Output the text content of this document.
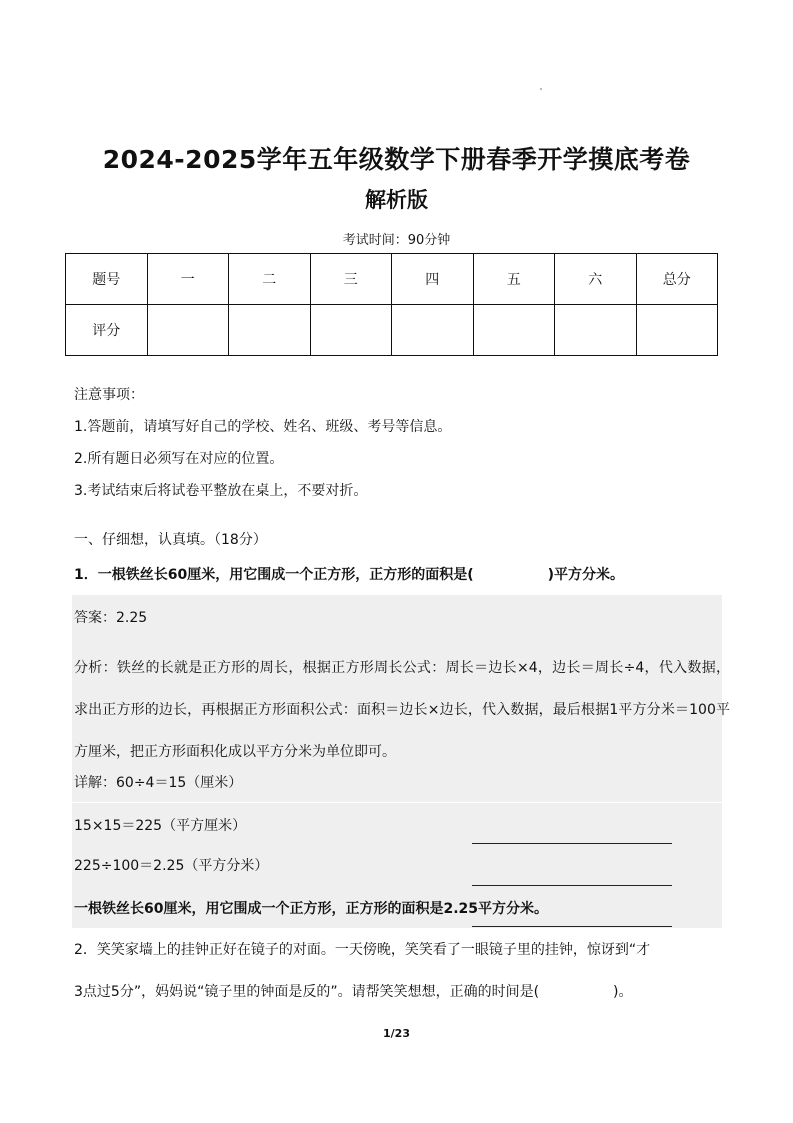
2024-2025学年五年级数学下册春季开学摸底考卷
解析版
考试时间：90分钟
题号	一	二	三	四	五	六	总分
评分							
注意事项：
1.答题前，请填写好自己的学校、姓名、班级、考号等信息。
2.所有题日必须写在对应的位置。
3.考试结束后将试卷平整放在桌上，不要对折。
一、仔细想，认真填。（18分）
1．一根铁丝长60厘米，用它围成一个正方形，正方形的面积是(	)平方分米。
答案：2.25
分析：铁丝的长就是正方形的周长，根据正方形周长公式：周长＝边长×4，边长＝周长÷4，代入数据，求出正方形的边长，再根据正方形面积公式：面积＝边长×边长，代入数据，最后根据1平方分米＝100平方厘米，把正方形面积化成以平方分米为单位即可。
详解：60÷4＝15（厘米）
15×15＝225（平方厘米）
225÷100＝2.25（平方分米）
一根铁丝长60厘米，用它围成一个正方形，正方形的面积是2.25平方分米。
2．笑笑家墙上的挂钟正好在镜子的对面。一天傍晚，笑笑看了一眼镜子里的挂钟，惊讶到“才
3点过5分”，妈妈说“镜子里的钟面是反的”。请帮笑笑想想，正确的时间是(	)。
1/23
